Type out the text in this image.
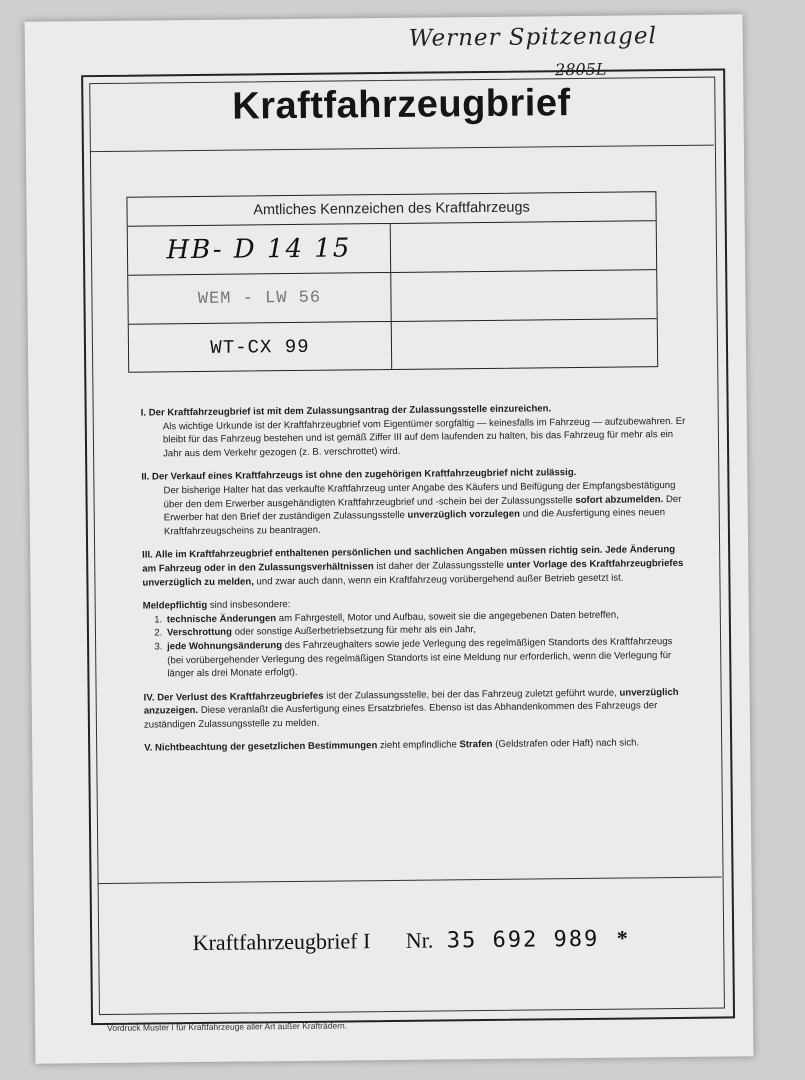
Werner Spitzenagel
2805L
Kraftfahrzeugbrief
Amtliches Kennzeichen des Kraftfahrzeugs
HB- D 14 15
WEM - LW 56
WT-CX 99

I. Der Kraftfahrzeugbrief ist mit dem Zulassungsantrag der Zulassungsstelle einzureichen.

Als wichtige Urkunde ist der Kraftfahrzeugbrief vom Eigentümer sorgfältig — keinesfalls im Fahrzeug — aufzubewahren. Er bleibt für das Fahrzeug bestehen und ist gemäß Ziffer III auf dem laufenden zu halten, bis das Fahrzeug für mehr als ein Jahr aus dem Verkehr gezogen (z. B. verschrottet) wird.

II. Der Verkauf eines Kraftfahrzeugs ist ohne den zugehörigen Kraftfahrzeugbrief nicht zulässig.

Der bisherige Halter hat das verkaufte Kraftfahrzeug unter Angabe des Käufers und Beifügung der Empfangsbestätigung über den dem Erwerber ausgehändigten Kraftfahrzeugbrief und -schein bei der Zulassungsstelle sofort abzumelden. Der Erwerber hat den Brief der zuständigen Zulassungsstelle unverzüglich vorzulegen und die Ausfertigung eines neuen Kraftfahrzeugscheins zu beantragen.

III. Alle im Kraftfahrzeugbrief enthaltenen persönlichen und sachlichen Angaben müssen richtig sein. Jede Änderung am Fahrzeug oder in den Zulassungsverhältnissen ist daher der Zulassungsstelle unter Vorlage des Kraftfahrzeugbriefes unverzüglich zu melden, und zwar auch dann, wenn ein Kraftfahrzeug vorübergehend außer Betrieb gesetzt ist.

Meldepflichtig sind insbesondere:

1. technische Änderungen am Fahrgestell, Motor und Aufbau, soweit sie die angegebenen Daten betreffen,
2. Verschrottung oder sonstige Außerbetriebsetzung für mehr als ein Jahr,
3. jede Wohnungsänderung des Fahrzeughalters sowie jede Verlegung des regelmäßigen Standorts des Kraftfahrzeugs (bei vorübergehender Verlegung des regelmäßigen Standorts ist eine Meldung nur erforderlich, wenn die Verlegung für länger als drei Monate erfolgt).

IV. Der Verlust des Kraftfahrzeugbriefes ist der Zulassungsstelle, bei der das Fahrzeug zuletzt geführt wurde, unverzüglich anzuzeigen. Diese veranlaßt die Ausfertigung eines Ersatzbriefes. Ebenso ist das Abhandenkommen des Fahrzeugs der zuständigen Zulassungsstelle zu melden.

V. Nichtbeachtung der gesetzlichen Bestimmungen zieht empfindliche Strafen (Geldstrafen oder Haft) nach sich.

Kraftfahrzeugbrief I Nr. 35 692 989 *
Vordruck Muster I für Kraftfahrzeuge aller Art außer Krafträdern.
